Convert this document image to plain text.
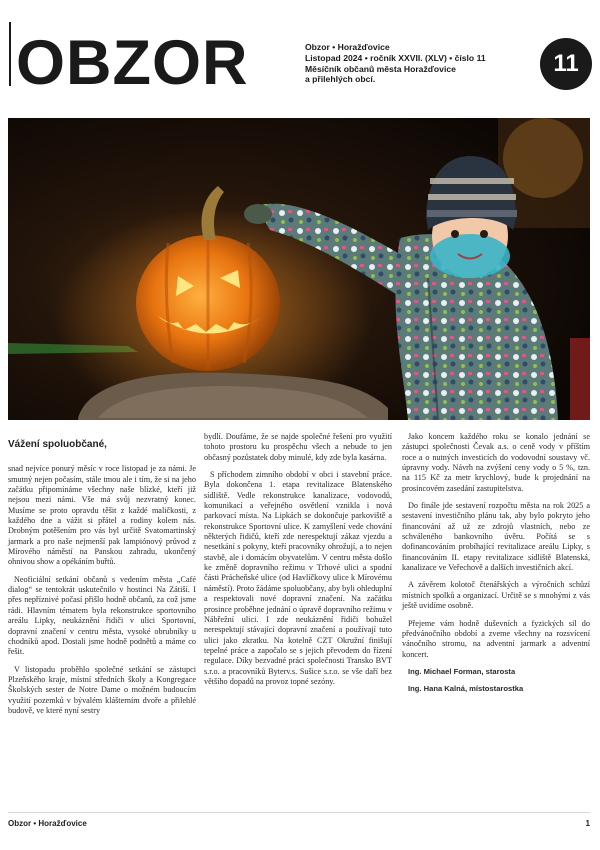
OBZOR	Obzor • Horažďovice
Listopad 2024 • ročník XXVII. (XLV) • číslo 11
Měsíčník občanů města Horažďovice
a přilehlých obcí.
11
Vážení spoluobčané,

snad nejvíce ponurý měsíc v roce listopad je za námi. Je smutný nejen počasím, stále tmou ale i tím, že si na jeho začátku připomínáme všechny naše blízké, kteří již nejsou mezi námi. Vše má svůj nezvratný konec. Musíme se proto opravdu těšit z každé maličkosti, z každého dne a vážit si přátel a rodiny kolem nás. Drobným potěšením pro vás byl určitě Svatomartinský jarmark a pro naše nejmenší pak lampiónový průvod z Mírového náměstí na Panskou zahradu, ukončený ohnivou show a opékáním buřtů.

Neoficiální setkání občanů s vedením města „Café dialog“ se tentokrát uskutečnilo v hostinci Na Zátiší. I přes nepříznivé počasí přišlo hodně občanů, za což jsme rádi. Hlavním tématem byla rekonstrukce sportovního areálu Lipky, neukáznění řidiči v ulici Sportovní, dopravní značení v centru města, vysoké obrubníky u chodníků apod. Dostali jsme hodně podnětů a máme co řešit.

V listopadu proběhlo společné setkání se zástupci Plzeňského kraje, místní středních školy a Kongregace Školských sester de Notre Dame o možném budoucím využití pozemků v bývalém klášterním dvoře a přilehlé budově, ve které nyní sestry

bydlí. Doufáme, že se najde společné řešení pro využití tohoto prostoru ku prospěchu všech a nebude to jen občasný pozůstatek doby minulé, kdy zde byla kasárna.

S příchodem zimního období v obci i stavební práce. Byla dokončena 1. etapa revitalizace Blatenského sídliště. Vedle rekonstrukce kanalizace, vodovodů, komunikací a veřejného osvětlení vznikla i nová parkovací místa. Na Lipkách se dokončuje parkoviště a rekonstrukce Sportovní ulice. K zamyšlení vede chování některých řidičů, kteří zde nerespektují zákaz vjezdu a nesetkání s pokyny, kteří pracovníky ohrožují, a to nejen stavbě, ale i domácím obyvatelům. V centru města došlo ke změně dopravního režimu v Trhové ulici a spodní části Prácheňské ulice (od Havlíčkovy ulice k Mírovému náměstí). Proto žádáme spoluobčany, aby byli ohleduplní a respektovali nové dopravní značení. Na začátku prosince proběhne jednání o úpravě dopravního režimu v Nábřežní ulici. I zde neukáznění řidiči bohužel nerespektují stávající dopravní značení a používají tuto ulici jako zkratku. Na kotelně CZT Okružní finišují tepelné práce a započalo se s jejich převodem do řízení regulace. Díky bezvadné práci společnosti Transko BVT s.r.o. a pracovníků Byterv.s. Sušice s.r.o. se vše daří bez většího dopadů na provoz topné sezóny.

Jako koncem každého roku se konalo jednání se zástupci společnosti Čevak a.s. o ceně vody v příštím roce a o nutných investicích do vodovodní soustavy vč. úpravny vody. Návrh na zvýšení ceny vody o 5 %, tzn. na 115 Kč za metr krychlový, bude k projednání na prosincovém zasedání zastupitelstva.

Do finále jde sestavení rozpočtu města na rok 2025 a sestavení investičního plánu tak, aby bylo pokryto jeho financování až už ze zdrojů vlastních, nebo ze schváleného bankovního úvěru. Počítá se s dofinancováním probíhající revitalizace areálu Lipky, s financováním II. etapy revitalizace sídliště Blatenská, kanalizace ve Veřechově a dalších investičních akcí.

A závěrem kolotoč čtenářských a výročních schůzí místních spolků a organizací. Určitě se s mnohými z vás ještě uvidíme osobně.

Přejeme vám hodně duševních a fyzických sil do předvánočního období a zveme všechny na rozsvícení vánočního stromu, na adventní jarmark a adventní koncert.

Ing. Michael Forman, starosta

Ing. Hana Kalná, místostarostka

Obzor • Horažďovice	1
